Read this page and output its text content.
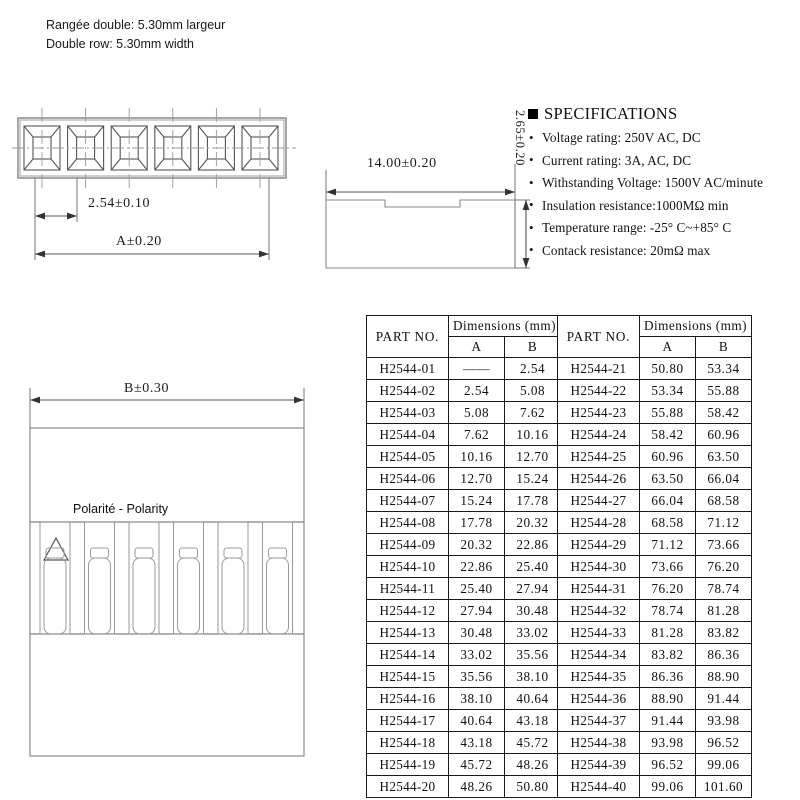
Rangée double: 5.30mm largeur
Double row: 5.30mm width
2.54±0.10
A±0.20
14.00±0.20	2.65±0.20 SPECIFICATIONS
• Voltage rating: 250V AC, DC
• Current rating: 3A, AC, DC
• Withstanding Voltage: 1500V AC/minute
• Insulation resistance:1000MΩ min
• Temperature range: -25° C~+85° C
• Contack resistance: 20mΩ max
B±0.30
Polarité - Polarity
PART NO.	Dimensions (mm)	
	A	B
H2544-01	——	2.54
H2544-02	2.54	5.08
H2544-03	5.08	7.62
H2544-04	7.62	10.16
H2544-05	10.16	12.70
H2544-06	12.70	15.24
H2544-07	15.24	17.78
H2544-08	17.78	20.32
H2544-09	20.32	22.86
H2544-10	22.86	25.40
H2544-11	25.40	27.94
H2544-12	27.94	30.48
H2544-13	30.48	33.02
H2544-14	33.02	35.56
H2544-15	35.56	38.10
H2544-16	38.10	40.64
H2544-17	40.64	43.18
H2544-18	43.18	45.72
H2544-19	45.72	48.26
H2544-20	48.26	50.80
PART NO.	Dimensions (mm)	
	A	B
H2544-21	50.80	53.34
H2544-22	53.34	55.88
H2544-23	55.88	58.42
H2544-24	58.42	60.96
H2544-25	60.96	63.50
H2544-26	63.50	66.04
H2544-27	66.04	68.58
H2544-28	68.58	71.12
H2544-29	71.12	73.66
H2544-30	73.66	76.20
H2544-31	76.20	78.74
H2544-32	78.74	81.28
H2544-33	81.28	83.82
H2544-34	83.82	86.36
H2544-35	86.36	88.90
H2544-36	88.90	91.44
H2544-37	91.44	93.98
H2544-38	93.98	96.52
H2544-39	96.52	99.06
H2544-40	99.06	101.60
